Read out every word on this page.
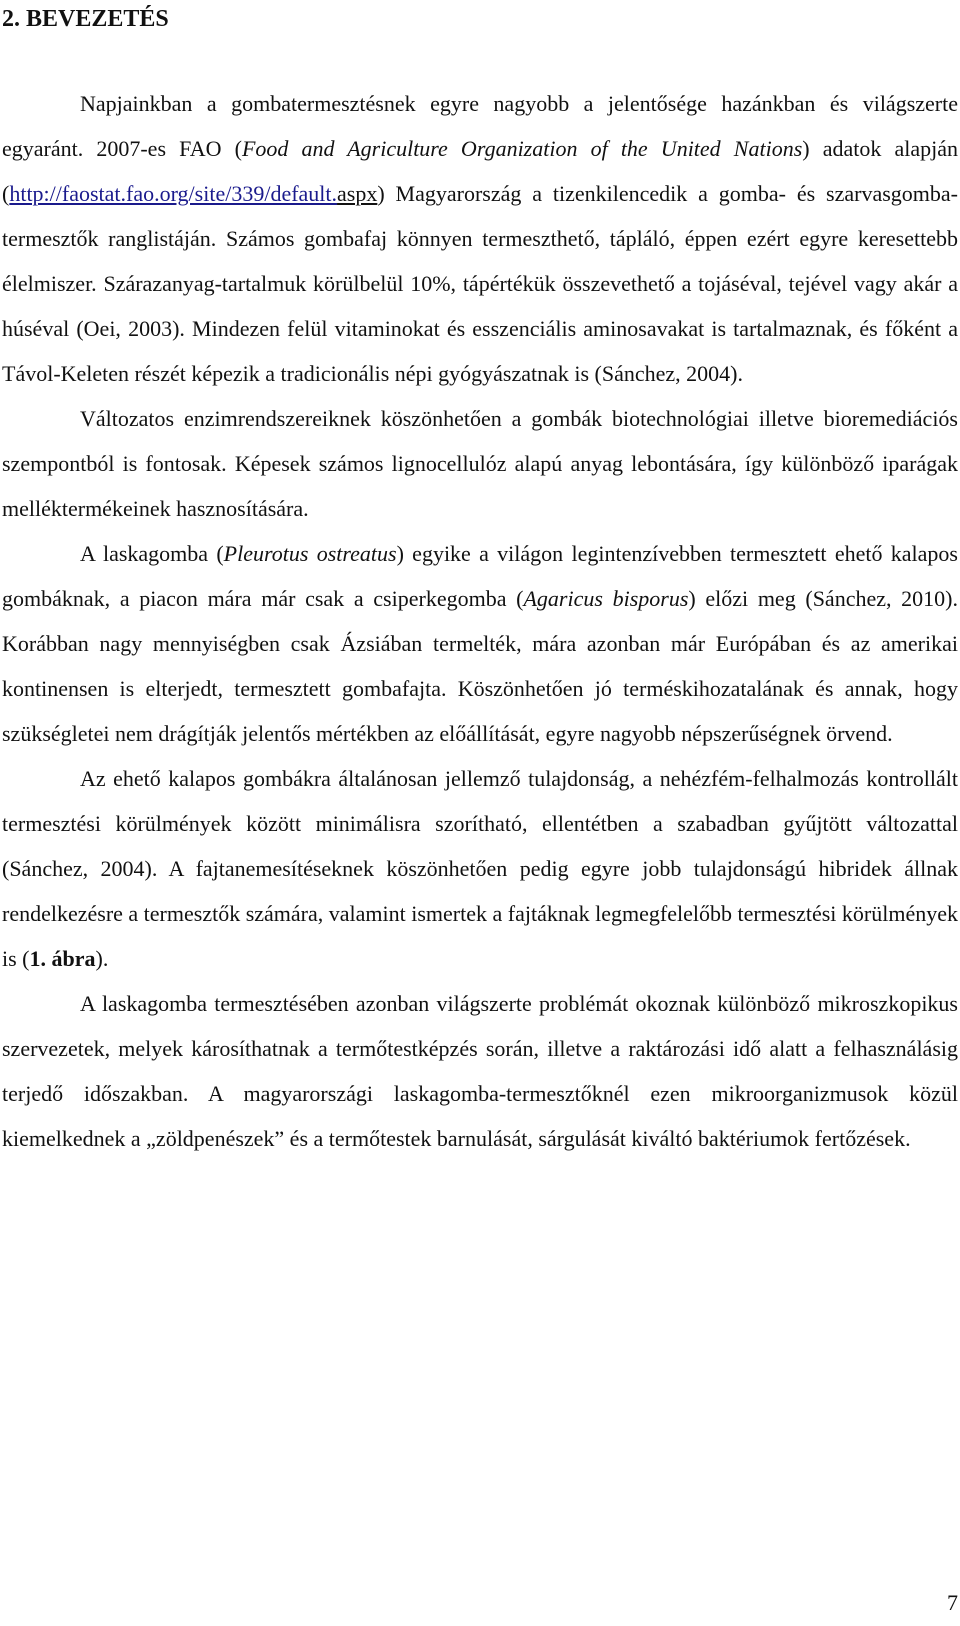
2. BEVEZETÉS

Napjainkban a gombatermesztésnek egyre nagyobb a jelentősége hazánkban és világszerte egyaránt. 2007-es FAO (Food and Agriculture Organization of the United Nations) adatok alapján (http://faostat.fao.org/site/339/default.aspx) Magyarország a tizenkilencedik a gomba- és szarvasgomba-termesztők ranglistáján. Számos gombafaj könnyen termeszthető, tápláló, éppen ezért egyre keresettebb élelmiszer. Szárazanyag-tartalmuk körülbelül 10%, tápértékük összevethető a tojáséval, tejével vagy akár a húséval (Oei, 2003). Mindezen felül vitaminokat és esszenciális aminosavakat is tartalmaznak, és főként a Távol-Keleten részét képezik a tradicionális népi gyógyászatnak is (Sánchez, 2004).

Változatos enzimrendszereiknek köszönhetően a gombák biotechnológiai illetve bioremediációs szempontból is fontosak. Képesek számos lignocellulóz alapú anyag lebontására, így különböző iparágak melléktermékeinek hasznosítására.

A laskagomba (Pleurotus ostreatus) egyike a világon legintenzívebben termesztett ehető kalapos gombáknak, a piacon mára már csak a csiperkegomba (Agaricus bisporus) előzi meg (Sánchez, 2010). Korábban nagy mennyiségben csak Ázsiában termelték, mára azonban már Európában és az amerikai kontinensen is elterjedt, termesztett gombafajta. Köszönhetően jó terméskihozatalának és annak, hogy szükségletei nem drágítják jelentős mértékben az előállítását, egyre nagyobb népszerűségnek örvend.

Az ehető kalapos gombákra általánosan jellemző tulajdonság, a nehézfém-felhalmozás kontrollált termesztési körülmények között minimálisra szorítható, ellentétben a szabadban gyűjtött változattal (Sánchez, 2004). A fajtanemesítéseknek köszönhetően pedig egyre jobb tulajdonságú hibridek állnak rendelkezésre a termesztők számára, valamint ismertek a fajtáknak legmegfelelőbb termesztési körülmények is (1. ábra).

A laskagomba termesztésében azonban világszerte problémát okoznak különböző mikroszkopikus szervezetek, melyek károsíthatnak a termőtestképzés során, illetve a raktározási idő alatt a felhasználásig terjedő időszakban. A magyarországi laskagomba-termesztőknél ezen mikroorganizmusok közül kiemelkednek a „zöldpenészek” és a termőtestek barnulását, sárgulását kiváltó baktériumok fertőzések.

7
